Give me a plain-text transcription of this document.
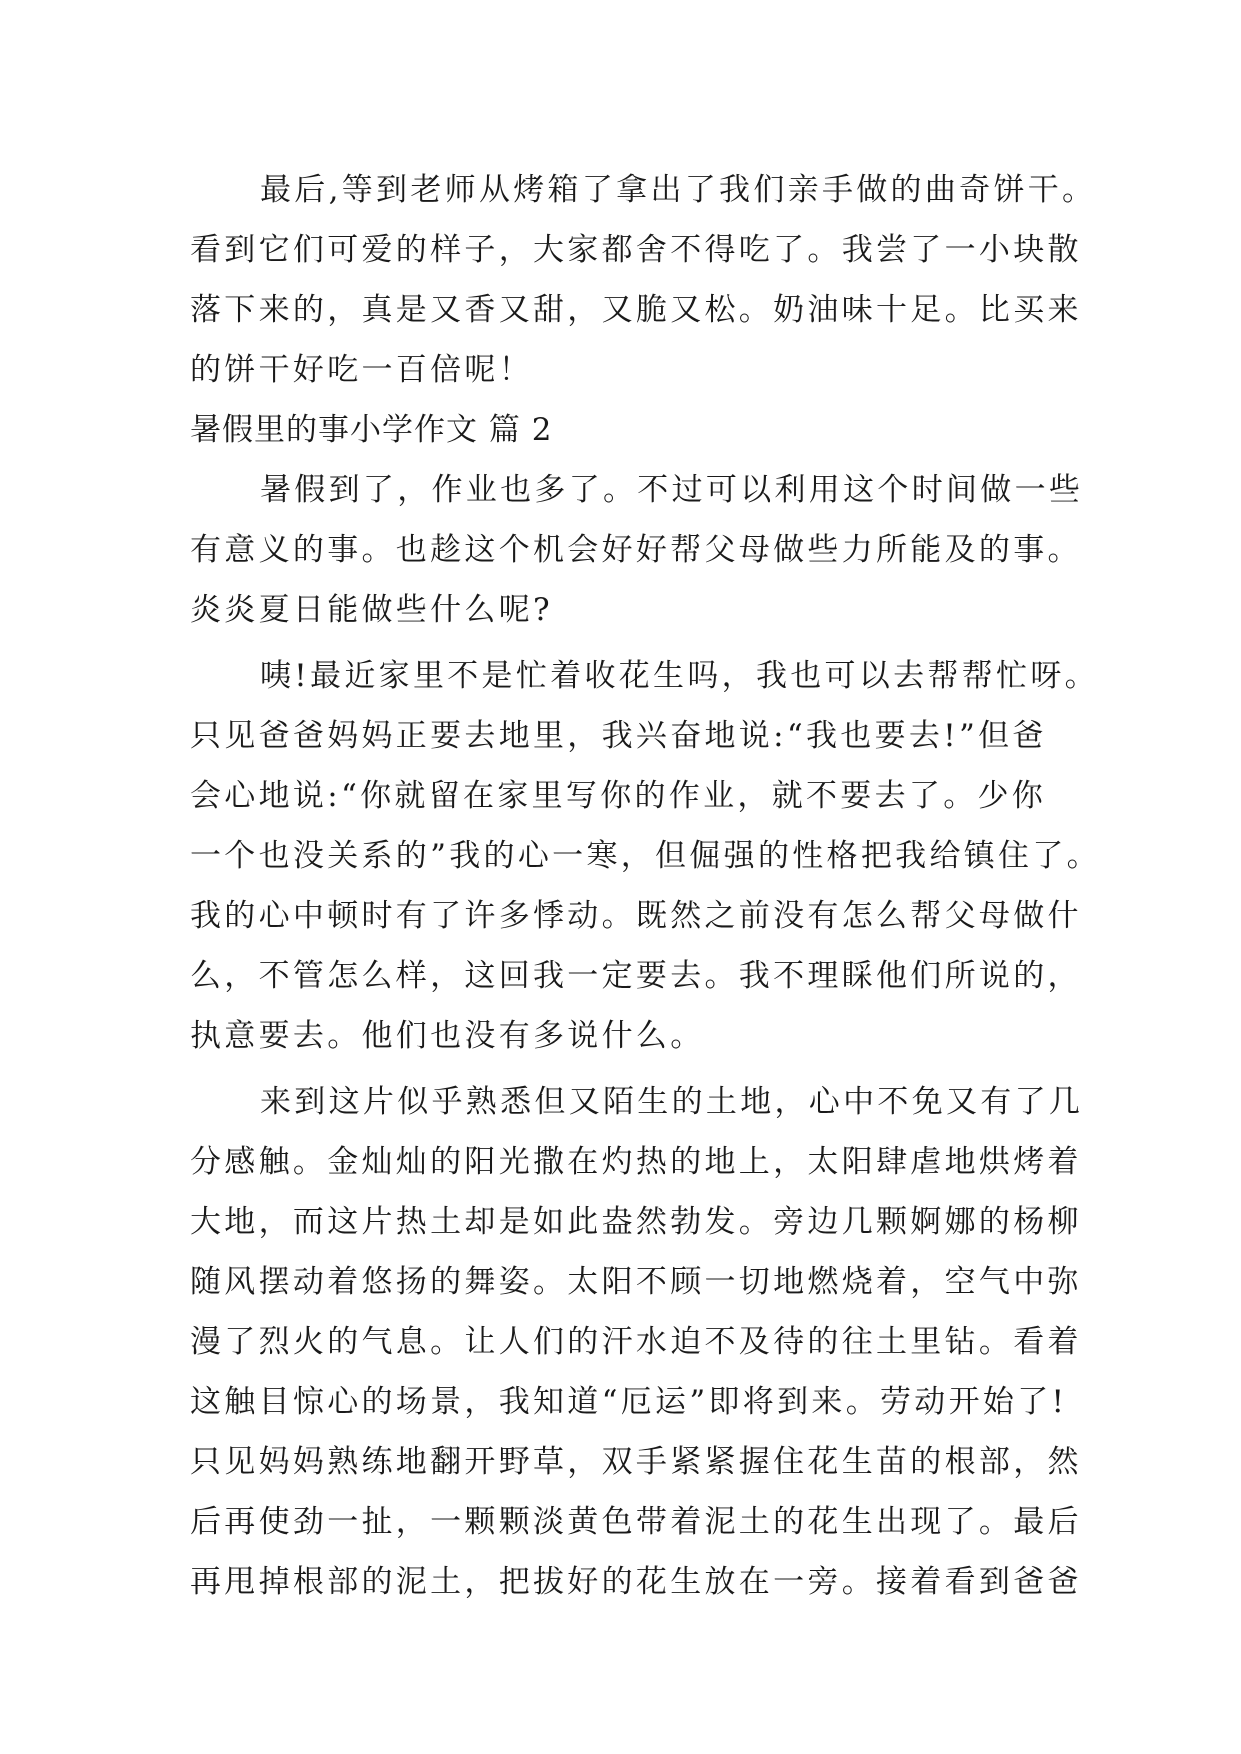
最后,等到老师从烤箱了拿出了我们亲手做的曲奇饼干。
看到它们可爱的样子，大家都舍不得吃了。我尝了一小块散
落下来的，真是又香又甜，又脆又松。奶油味十足。比买来
的饼干好吃一百倍呢！
暑假里的事小学作文 篇 2
暑假到了，作业也多了。不过可以利用这个时间做一些
有意义的事。也趁这个机会好好帮父母做些力所能及的事。
炎炎夏日能做些什么呢?
咦!最近家里不是忙着收花生吗，我也可以去帮帮忙呀。
只见爸爸妈妈正要去地里，我兴奋地说:“我也要去!”但爸
会心地说:“你就留在家里写你的作业，就不要去了。少你
一个也没关系的”我的心一寒，但倔强的性格把我给镇住了。
我的心中顿时有了许多悸动。既然之前没有怎么帮父母做什
么，不管怎么样，这回我一定要去。我不理睬他们所说的，
执意要去。他们也没有多说什么。
来到这片似乎熟悉但又陌生的土地，心中不免又有了几
分感触。金灿灿的阳光撒在灼热的地上，太阳肆虐地烘烤着
大地，而这片热土却是如此盎然勃发。旁边几颗婀娜的杨柳
随风摆动着悠扬的舞姿。太阳不顾一切地燃烧着，空气中弥
漫了烈火的气息。让人们的汗水迫不及待的往土里钻。看着
这触目惊心的场景，我知道“厄运”即将到来。劳动开始了!
只见妈妈熟练地翻开野草，双手紧紧握住花生苗的根部，然
后再使劲一扯，一颗颗淡黄色带着泥土的花生出现了。最后
再甩掉根部的泥土，把拔好的花生放在一旁。接着看到爸爸
